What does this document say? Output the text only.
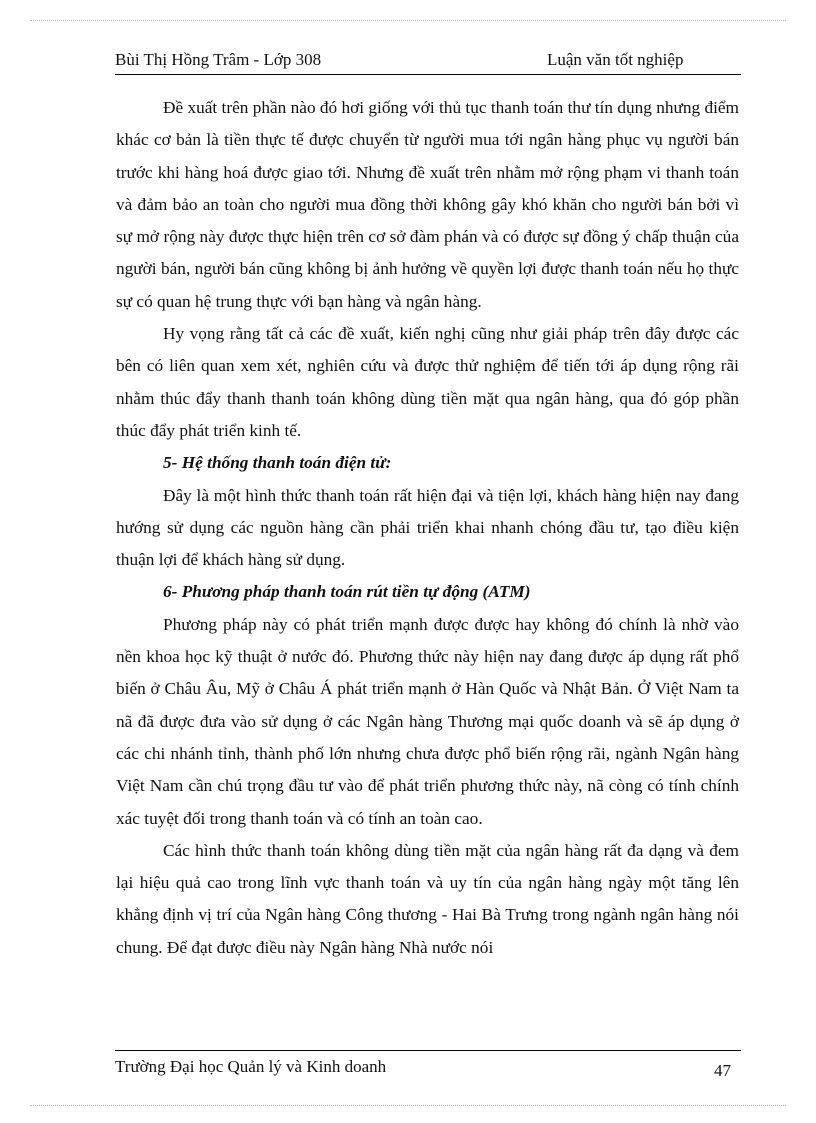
Bùi Thị Hồng Trâm - Lớp 308	Luận văn tốt nghiệp

Đề xuất trên phần nào đó hơi giống với thủ tục thanh toán thư tín dụng nhưng điểm khác cơ bản là tiền thực tế được chuyển từ người mua tới ngân hàng phục vụ người bán trước khi hàng hoá được giao tới. Nhưng đề xuất trên nhằm mở rộng phạm vi thanh toán và đảm bảo an toàn cho người mua đồng thời không gây khó khăn cho người bán bởi vì sự mở rộng này được thực hiện trên cơ sở đàm phán và có được sự đồng ý chấp thuận của người bán, người bán cũng không bị ảnh hưởng về quyền lợi được thanh toán nếu họ thực sự có quan hệ trung thực với bạn hàng và ngân hàng.

Hy vọng rằng tất cả các đề xuất, kiến nghị cũng như giải pháp trên đây được các bên có liên quan xem xét, nghiên cứu và được thử nghiệm để tiến tới áp dụng rộng rãi nhằm thúc đẩy thanh thanh toán không dùng tiền mặt qua ngân hàng, qua đó góp phần thúc đẩy phát triển kinh tế.

5- Hệ thống thanh toán điện tử:

Đây là một hình thức thanh toán rất hiện đại và tiện lợi, khách hàng hiện nay đang hướng sử dụng các nguồn hàng cần phải triển khai nhanh chóng đầu tư, tạo điều kiện thuận lợi để khách hàng sử dụng.

6- Phương pháp thanh toán rút tiền tự động (ATM)

Phương pháp này có phát triển mạnh được được hay không đó chính là nhờ vào nền khoa học kỹ thuật ở nước đó. Phương thức này hiện nay đang được áp dụng rất phổ biến ở Châu Âu, Mỹ ở Châu Á phát triển mạnh ở Hàn Quốc và Nhật Bản. Ở Việt Nam ta nã đã được đưa vào sử dụng ở các Ngân hàng Thương mại quốc doanh và sẽ áp dụng ở các chi nhánh tỉnh, thành phố lớn nhưng chưa được phổ biến rộng rãi, ngành Ngân hàng Việt Nam cần chú trọng đầu tư vào để phát triển phương thức này, nã còng có tính chính xác tuyệt đối trong thanh toán và có tính an toàn cao.

Các hình thức thanh toán không dùng tiền mặt của ngân hàng rất đa dạng và đem lại hiệu quả cao trong lĩnh vực thanh toán và uy tín của ngân hàng ngày một tăng lên khẳng định vị trí của Ngân hàng Công thương - Hai Bà Trưng trong ngành ngân hàng nói chung. Để đạt được điều này Ngân hàng Nhà nước nói

Trường Đại học Quản lý và Kinh doanh	47
